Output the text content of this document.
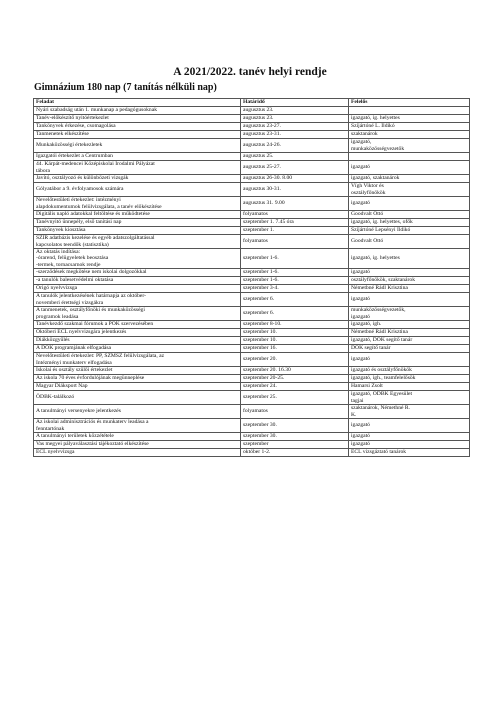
A 2021/2022. tanév helyi rendje
Gimnázium 180 nap (7 tanítás nélküli nap)
Feladat	Határidő	Felelős

Nyári szabadság után 1. munkanap a pedagógusoknak	augusztus 23.	

Tanév-előkészítő nyitóértekezlet	augusztus 23.	igazgató, ig. helyettes

Tankönyvek érkezése, csomagolása	augusztus 23-27.	Szíjártóné L. Ildikó

Tanmenetek elkészítése	augusztus 23-31.	szaktanárok

Munkaközösségi értekezletek	augusztus 24-26.	igazgató,
munkaközösségvezetők

Igazgatói értekezlet a Centrumban	augusztus 25.	

44. Kárpát-medencei Középiskolai Irodalmi Pályázat
tábora	augusztus 25-27.	igazgató

Javító, osztályozó és különbözeti vizsgák	augusztus 26-30. 8.00	igazgató, szaktanárok

Gólyatábor a 9. évfolyamosok számára	augusztus 30-31.	Vígh Viktor és
osztályfőnökök

Nevelőtestületi értekezlet: intézményi
alapdokumentumok felülvizsgálata, a tanév előkészítése	augusztus 31. 9.00	igazgató

Digitális napló adatokkal feltöltése és működtetése	folyamatos	Goodvalt Ottó

Tanévnyitó ünnepély, első tanítási nap	szeptember 1. 7.45 óra	igazgató, ig. helyettes, ofők

Tankönyvek kiosztása	szeptember 1.	Szíjártóné Lepsényi Ildikó

SZIR adatbázis kezelése és egyéb adatszolgáltatással
kapcsolatos teendők (statisztika)	folyamatos	Goodvalt Ottó

Az oktatás indítása:
-órarend, felügyeletek beosztása
-termek, tornacsarnok rendje	szeptember 1-6.	igazgató, ig. helyettes

-szerződések megkötése nem iskolai dolgozókkal	szeptember 1-6.	igazgató

-a tanulók balesetvédelmi oktatása	szeptember 1-6.	osztályfőnökök, szaktanárok

Origó nyelvvizsga	szeptember 3-4.	Németbné Rádl Krisztina

A tanulók jelentkezésének határnapja az október-
novemberi érettségi vizsgákra	szeptember 6.	igazgató

A tanmenetek, osztályfőnöki és munkaközösségi
programok leadása	szeptember 6.	munkaközösségvezetők,
igazgató

Tanévkezdő szakmai fórumok a POK szervezésében	szeptember 8-10.	igazgató, igh.

Októberi ECL nyelvvizsgára jelentkezés	szeptember 10.	Németbné Rádl Krisztina

Diákközgyűlés	szeptember 10.	igazgató, DÖK segítő tanár

A DÖK programjának elfogadása	szeptember 16.	DÖK segítő tanár

Nevelőtestületi értekezlet: PP, SZMSZ felülvizsgálata, az
Intézményi munkaterv elfogadása	szeptember 20.	igazgató

Iskolai és osztály szülői értekezlet	szeptember 20. 16.30	igazgató és osztályfőnökök

Az iskola 70 éves évfordulójának megünneplése	szeptember 20-25.	igazgató, igh., teamfelelősök

Magyar Diáksport Nap	szeptember 24.	Hamarsi Zsolt

ÖDBK-találkozó	szeptember 25.	igazgató, ÖDBK Egyesület
tagjai

A tanulmányi versenyekre jelentkezés	folyamatos	szaktanárok, Némethné R.
K.

Az iskolai adminisztrációs és munkaterv leadása a
fenntartónak	szeptember 30.	igazgató

A tanulmányi területek közzététele	szeptember 30.	igazgató

Vas megyei pályaválasztási tájékoztató elkészítése	szeptember	igazgató

ECL nyelvvizsga	október 1-2.	ECL vizsgáztató tanárok
